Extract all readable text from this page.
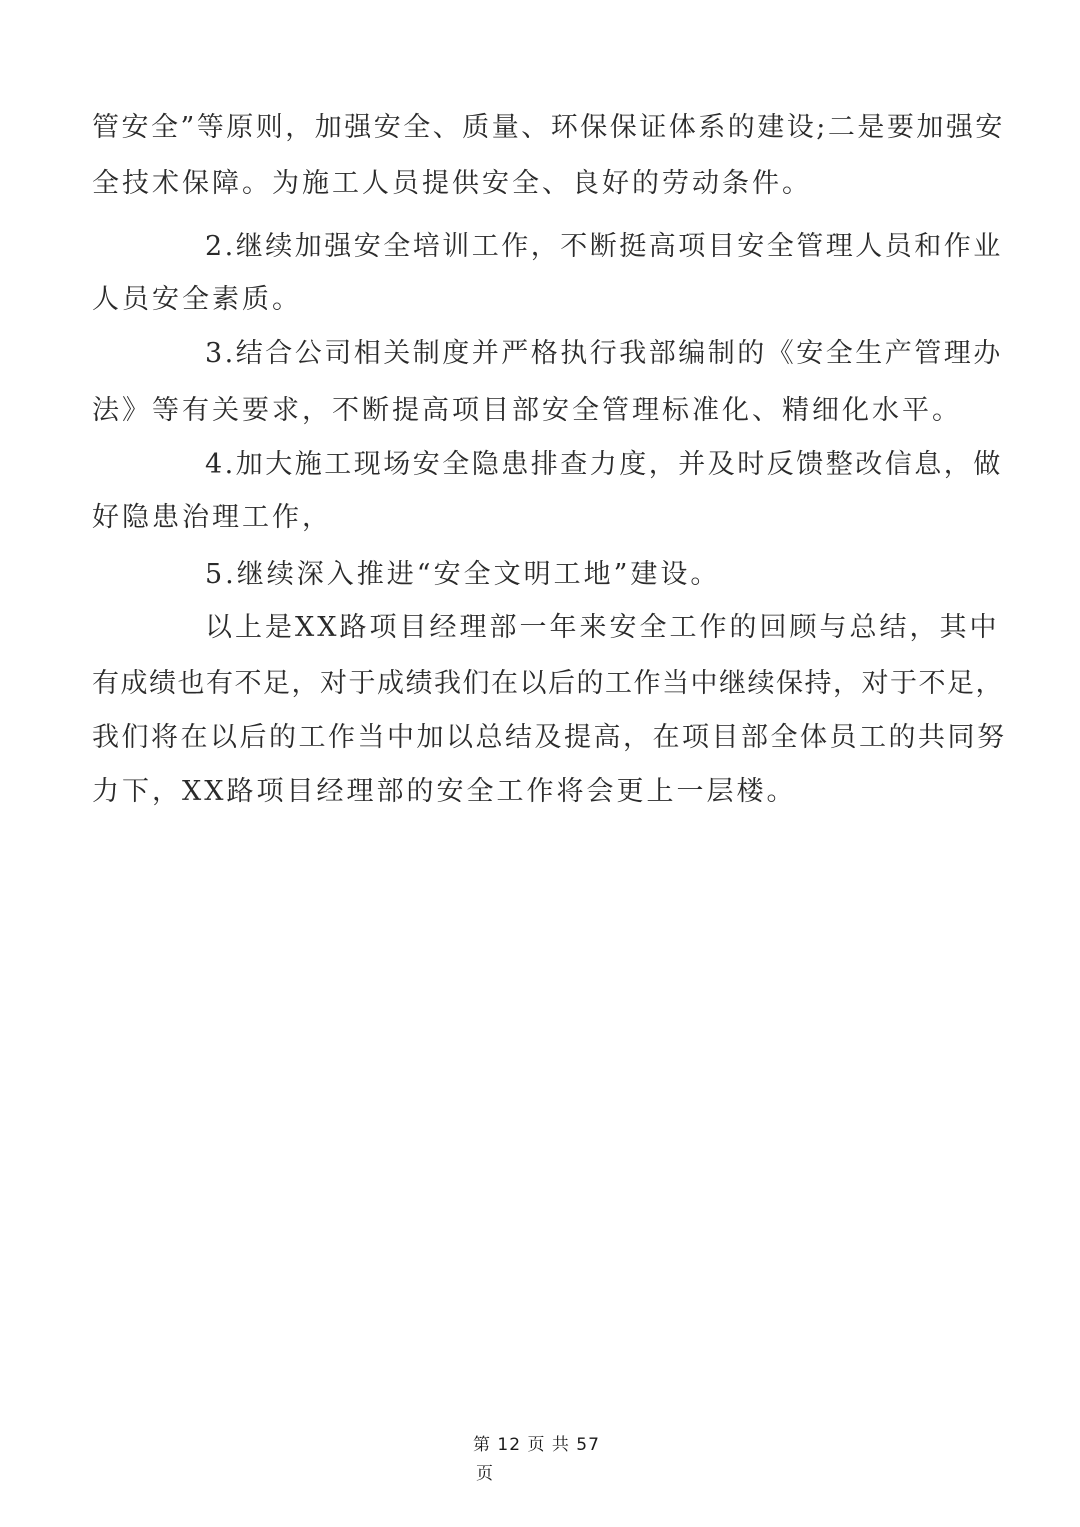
管安全”等原则，加强安全、质量、环保保证体系的建设;二是要加强安
全技术保障。为施工人员提供安全、良好的劳动条件。
2.继续加强安全培训工作，不断挺高项目安全管理人员和作业
人员安全素质。
3.结合公司相关制度并严格执行我部编制的《安全生产管理办
法》等有关要求，不断提高项目部安全管理标准化、精细化水平。
4.加大施工现场安全隐患排查力度，并及时反馈整改信息，做
好隐患治理工作，
5.继续深入推进“安全文明工地”建设。
以上是XX路项目经理部一年来安全工作的回顾与总结，其中
有成绩也有不足，对于成绩我们在以后的工作当中继续保持，对于不足，
我们将在以后的工作当中加以总结及提高，在项目部全体员工的共同努
力下，XX路项目经理部的安全工作将会更上一层楼。
第 12 页 共 57
页
